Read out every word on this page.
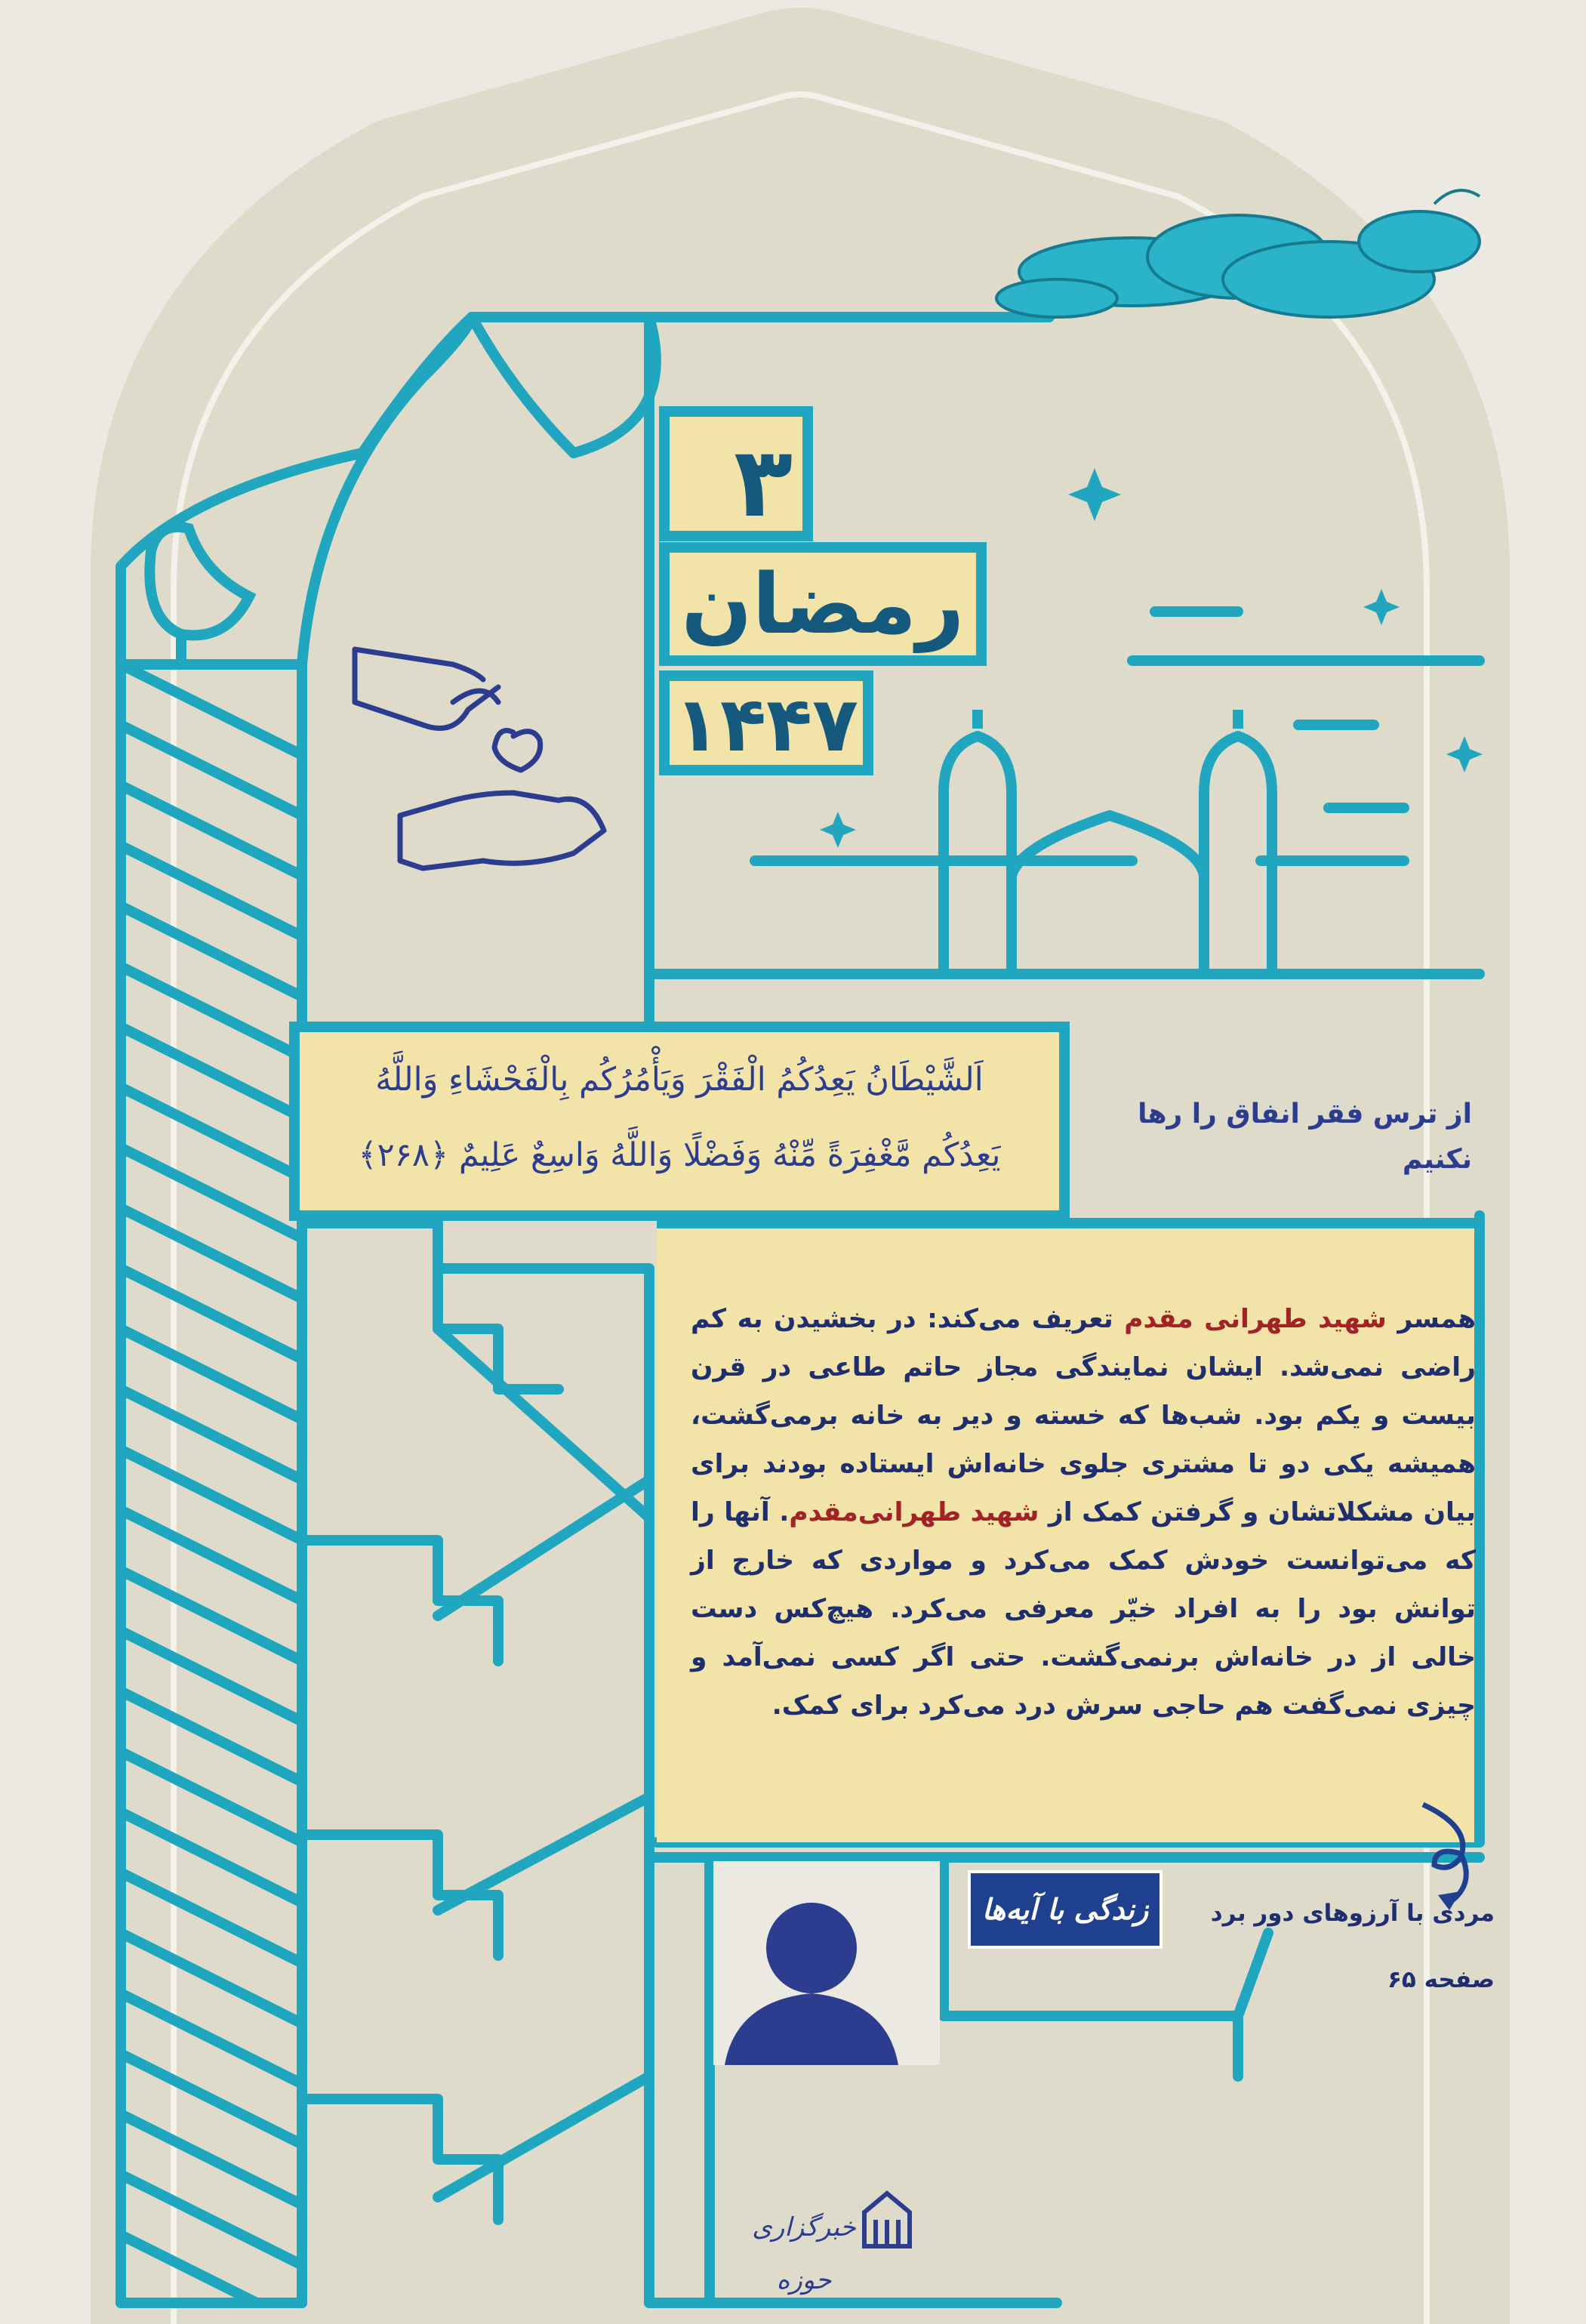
۳
رمضان
۱۴۴۷
اَلشَّيْطَانُ يَعِدُكُمُ الْفَقْرَ وَيَأْمُرُكُم بِالْفَحْشَاءِ وَاللَّهُ
يَعِدُكُم مَّغْفِرَةً مِّنْهُ وَفَضْلًا وَاللَّهُ وَاسِعٌ عَلِيمٌ ﴿۲۶۸﴾
از ترس فقر انفاق را رها نکنیم
همسر شهید طهرانی مقدم تعریف می‌کند: در بخشیدن به کم راضی نمی‌شد. ایشان نمایندگی مجاز حاتم طاعی در قرن بیست و یکم بود. شب‌ها که خسته و دیر به خانه برمی‌گشت، همیشه یکی دو تا مشتری جلوی خانه‌اش ایستاده بودند برای بیان مشکلاتشان و گرفتن کمک از شهید طهرانی‌مقدم. آنها را که می‌توانست خودش کمک می‌کرد و مواردی که خارج از توانش بود را به افراد خیّر معرفی می‌کرد. هیچ‌کس دست خالی از در خانه‌اش برنمی‌گشت. حتی اگر کسی نمی‌آمد و چیزی نمی‌گفت هم حاجی سرش درد می‌کرد برای کمک.
زندگی با آیه‌ها	مردی با آرزوهای دور برد
صفحه ۶۵
خبرگزاری حوزه
